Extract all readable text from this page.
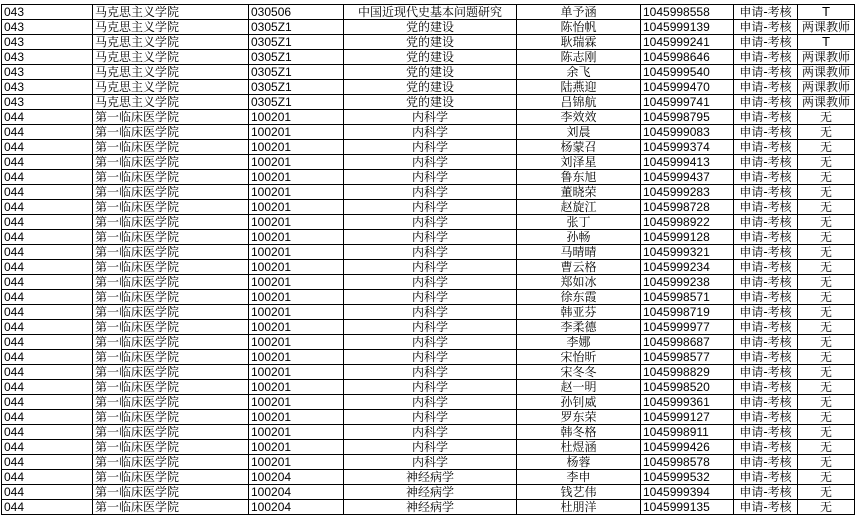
043	马克思主义学院	030506	中国近现代史基本问题研究	单予涵	1045998558	申请-考核	T
043	马克思主义学院	0305Z1	党的建设	陈怡帆	1045999139	申请-考核	两课教师
043	马克思主义学院	0305Z1	党的建设	耿瑞霖	1045999241	申请-考核	T
043	马克思主义学院	0305Z1	党的建设	陈志刚	1045998646	申请-考核	两课教师
043	马克思主义学院	0305Z1	党的建设	余飞	1045999540	申请-考核	两课教师
043	马克思主义学院	0305Z1	党的建设	陆燕迎	1045999470	申请-考核	两课教师
043	马克思主义学院	0305Z1	党的建设	吕锦航	1045999741	申请-考核	两课教师
044	第一临床医学院	100201	内科学	李效效	1045998795	申请-考核	无
044	第一临床医学院	100201	内科学	刘晨	1045999083	申请-考核	无
044	第一临床医学院	100201	内科学	杨蒙召	1045999374	申请-考核	无
044	第一临床医学院	100201	内科学	刘泽星	1045999413	申请-考核	无
044	第一临床医学院	100201	内科学	鲁东旭	1045999437	申请-考核	无
044	第一临床医学院	100201	内科学	董晓荣	1045999283	申请-考核	无
044	第一临床医学院	100201	内科学	赵旋江	1045998728	申请-考核	无
044	第一临床医学院	100201	内科学	张丁	1045998922	申请-考核	无
044	第一临床医学院	100201	内科学	孙畅	1045999128	申请-考核	无
044	第一临床医学院	100201	内科学	马晴晴	1045999321	申请-考核	无
044	第一临床医学院	100201	内科学	曹云格	1045999234	申请-考核	无
044	第一临床医学院	100201	内科学	郑如冰	1045999238	申请-考核	无
044	第一临床医学院	100201	内科学	徐东霞	1045998571	申请-考核	无
044	第一临床医学院	100201	内科学	韩亚芬	1045998719	申请-考核	无
044	第一临床医学院	100201	内科学	李柔德	1045999977	申请-考核	无
044	第一临床医学院	100201	内科学	李娜	1045998687	申请-考核	无
044	第一临床医学院	100201	内科学	宋怡昕	1045998577	申请-考核	无
044	第一临床医学院	100201	内科学	宋冬冬	1045998829	申请-考核	无
044	第一临床医学院	100201	内科学	赵一明	1045998520	申请-考核	无
044	第一临床医学院	100201	内科学	孙钊威	1045999361	申请-考核	无
044	第一临床医学院	100201	内科学	罗东荣	1045999127	申请-考核	无
044	第一临床医学院	100201	内科学	韩冬格	1045998911	申请-考核	无
044	第一临床医学院	100201	内科学	杜煜涵	1045999426	申请-考核	无
044	第一临床医学院	100201	内科学	杨蓉	1045998578	申请-考核	无
044	第一临床医学院	100204	神经病学	李申	1045999532	申请-考核	无
044	第一临床医学院	100204	神经病学	钱艺伟	1045999394	申请-考核	无
044	第一临床医学院	100204	神经病学	杜朋洋	1045999135	申请-考核	无
